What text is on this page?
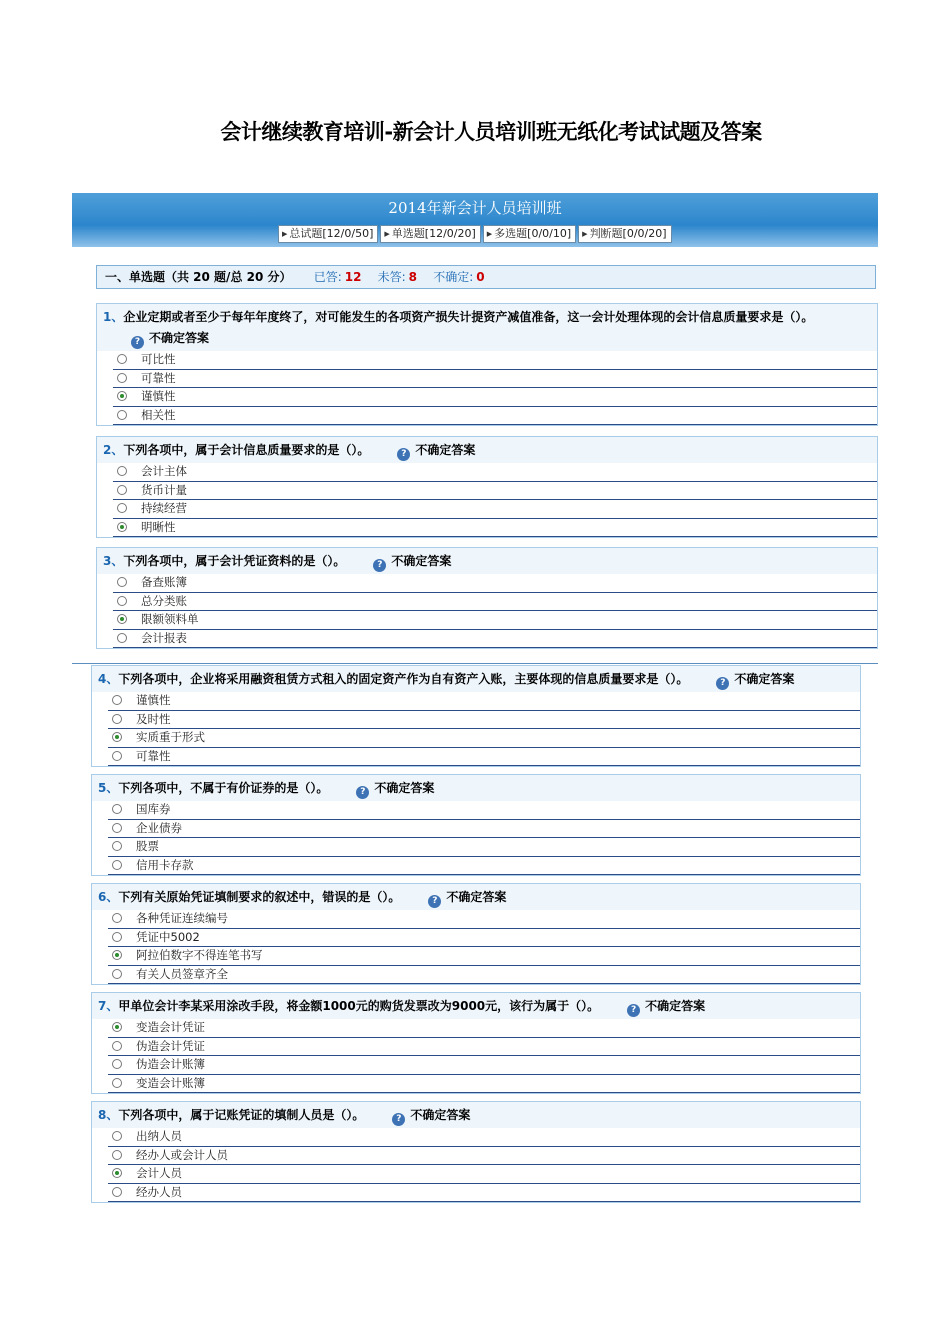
会计继续教育培训-新会计人员培训班无纸化考试试题及答案
2014年新会计人员培训班
▶ 总试题[12/0/50] ▶ 单选题[12/0/20] ▶ 多选题[0/0/10] ▶ 判断题[0/0/20]
一、单选题（共 20 题/总 20 分） 已答: 12 未答: 8 不确定: 0
1、企业定期或者至少于每年年度终了，对可能发生的各项资产损失计提资产减值准备，这一会计处理体现的会计信息质量要求是（）。? 不确定答案
可比性
可靠性
谨慎性
相关性
2、下列各项中，属于会计信息质量要求的是（）。	? 不确定答案
会计主体
货币计量
持续经营
明晰性
3、下列各项中，属于会计凭证资料的是（）。	? 不确定答案
备查账簿
总分类账
限额领料单
会计报表
4、下列各项中，企业将采用融资租赁方式租入的固定资产作为自有资产入账，主要体现的信息质量要求是（）。	? 不确定答案
谨慎性
及时性
实质重于形式
可靠性
5、下列各项中，不属于有价证券的是（）。	? 不确定答案
国库券
企业债券
股票
信用卡存款
6、下列有关原始凭证填制要求的叙述中，错误的是（）。	? 不确定答案
各种凭证连续编号
凭证中5002
阿拉伯数字不得连笔书写
有关人员签章齐全
7、甲单位会计李某采用涂改手段，将金额1000元的购货发票改为9000元，该行为属于（）。	? 不确定答案
变造会计凭证
伪造会计凭证
伪造会计账簿
变造会计账簿
8、下列各项中，属于记账凭证的填制人员是（）。	? 不确定答案
出纳人员
经办人或会计人员
会计人员
经办人员
